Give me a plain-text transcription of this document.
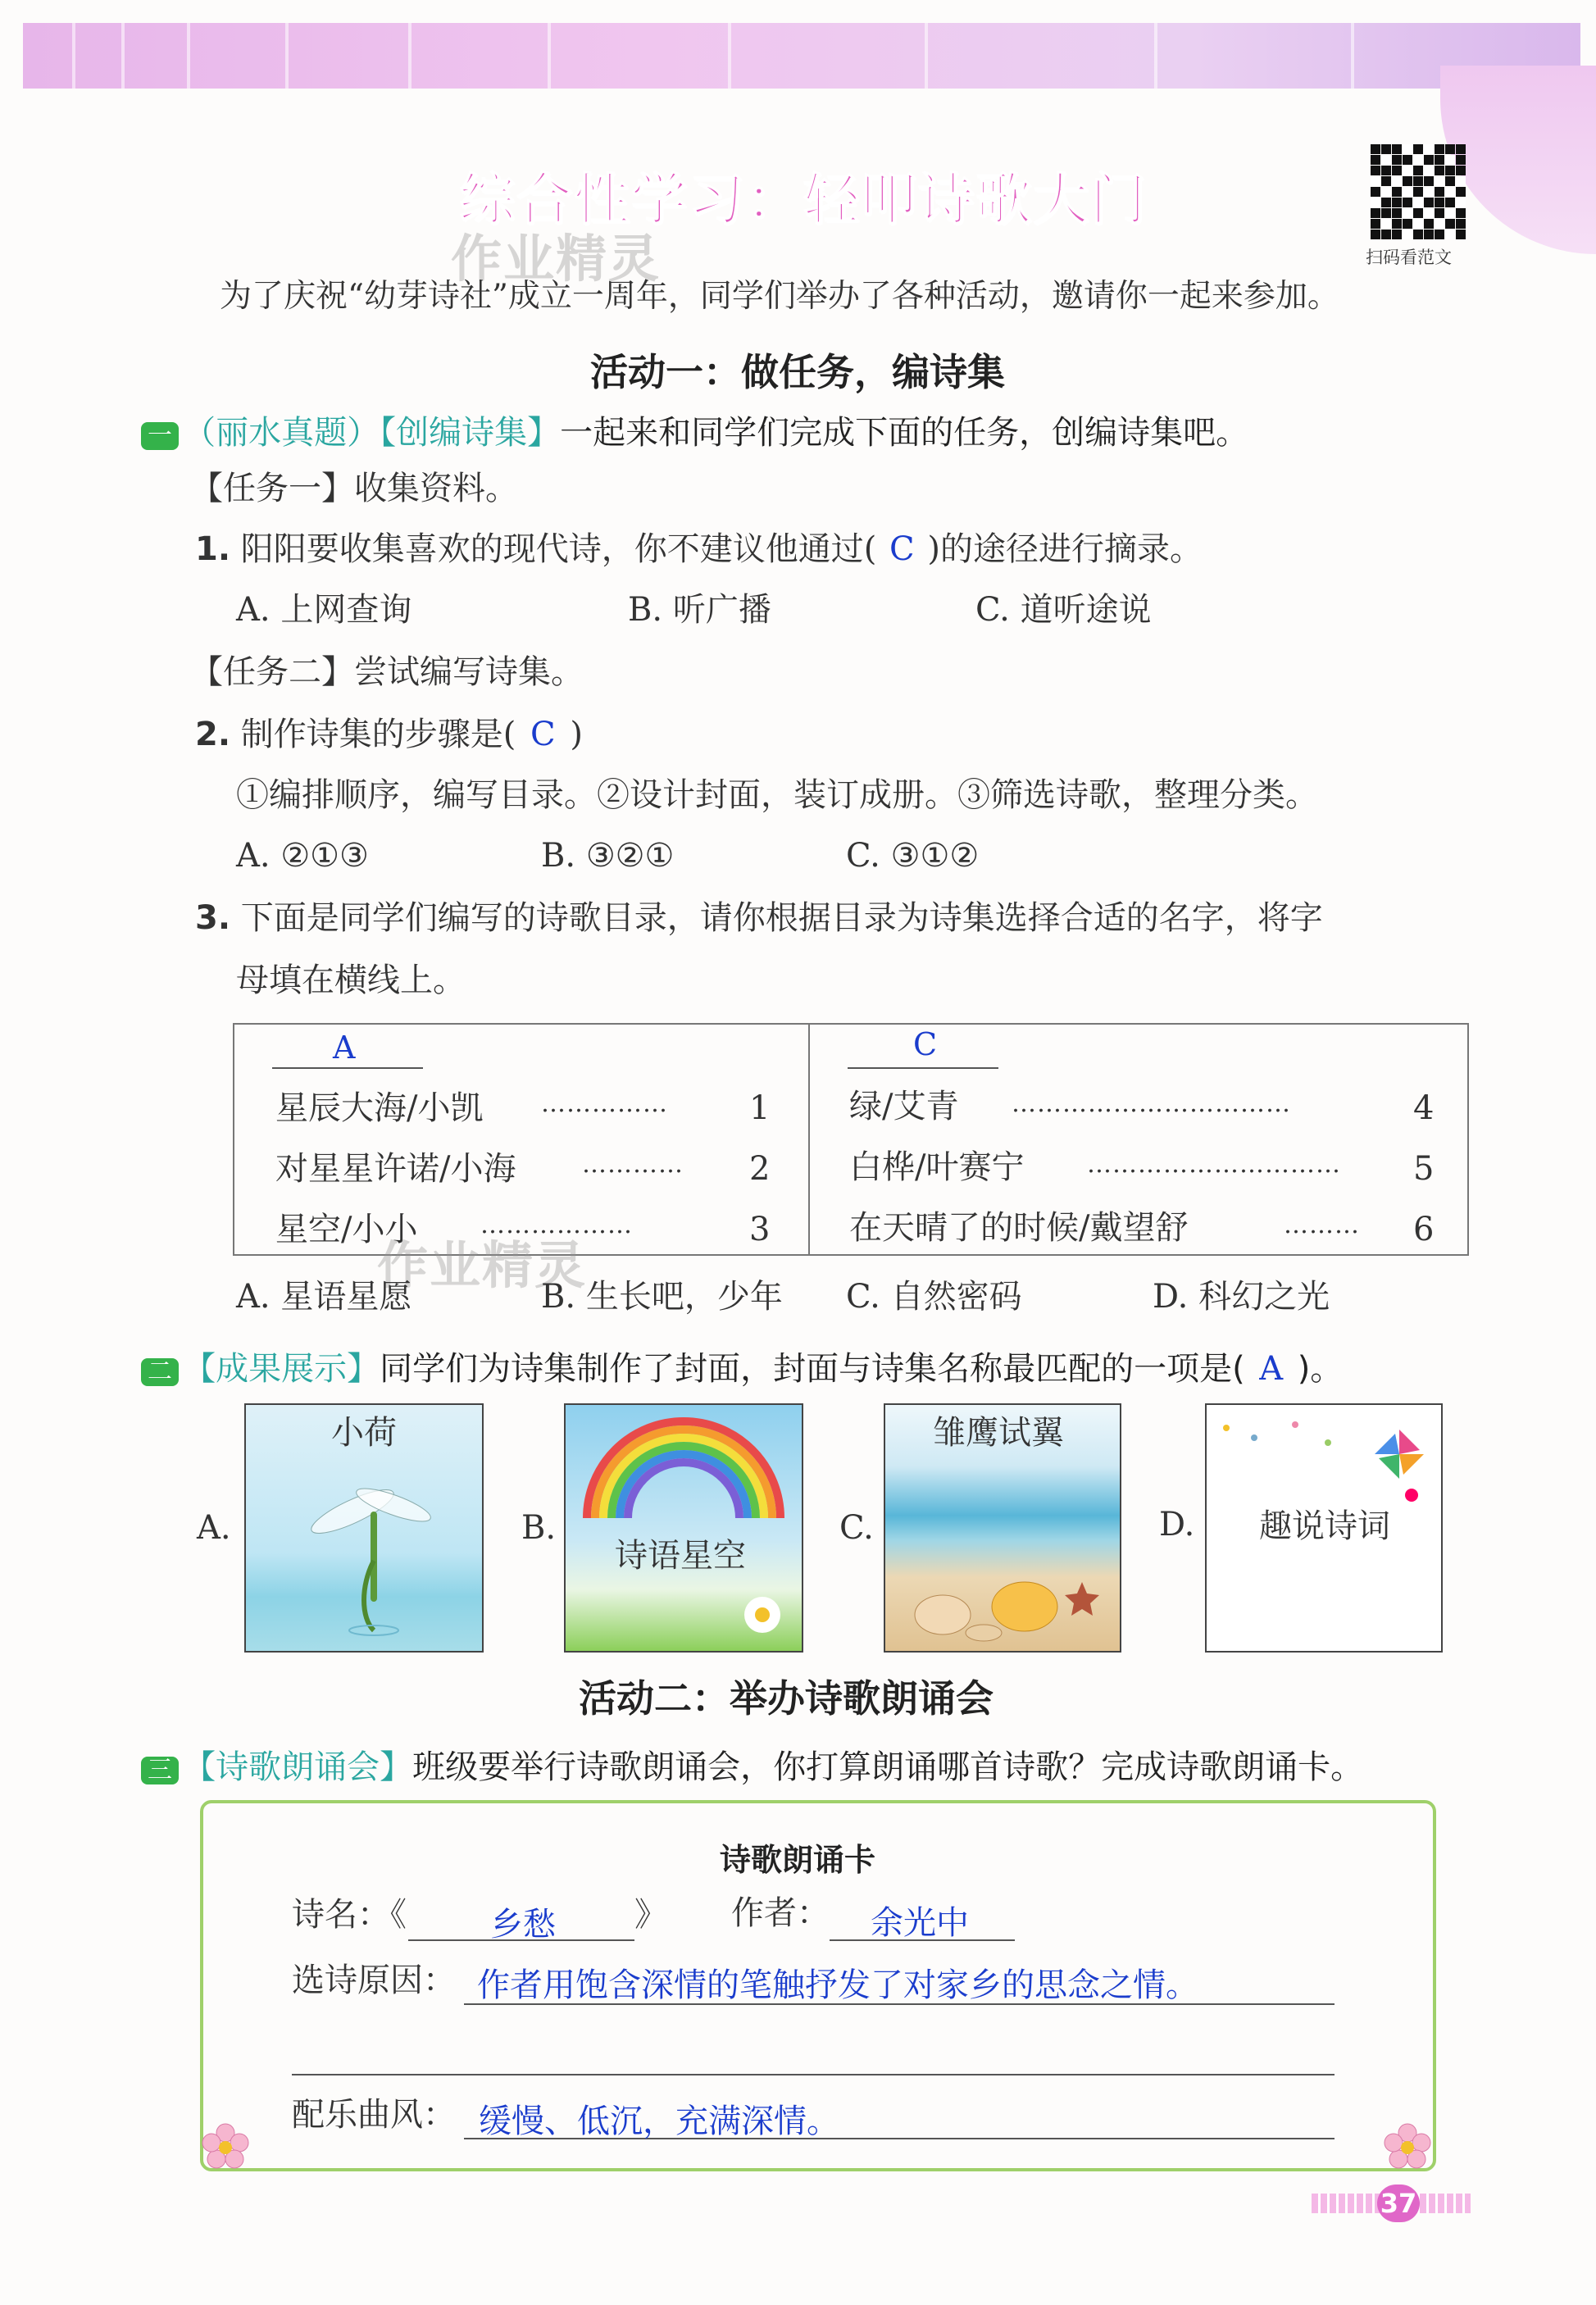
综合性学习：轻叩诗歌大门
作业精灵	扫码看范文
为了庆祝“幼芽诗社”成立一周年，同学们举办了各种活动，邀请你一起来参加。
活动一：做任务，编诗集
一 （丽水真题）【创编诗集】一起来和同学们完成下面的任务，创编诗集吧。
【任务一】收集资料。
1. 阳阳要收集喜欢的现代诗，你不建议他通过( C )的途径进行摘录。
A. 上网查询	B. 听广播	C. 道听途说
【任务二】尝试编写诗集。
2. 制作诗集的步骤是( C )
①编排顺序，编写目录。②设计封面，装订成册。③筛选诗歌，整理分类。
A. ②①③	B. ③②①	C. ③①②
3. 下面是同学们编写的诗歌目录，请你根据目录为诗集选择合适的名字，将字
母填在横线上。
A
星辰大海/小凯 …………… 1
对星星许诺/小海	………… 2
星空/小小	………………	3
C
绿/艾青 ……………………………	4
白桦/叶赛宁	………………………… 5
在天晴了的时候/戴望舒	……… 6
作业精灵
A. 星语星愿	B. 生长吧，少年 C. 自然密码	D. 科幻之光
二 【成果展示】同学们为诗集制作了封面，封面与诗集名称最匹配的一项是( A )。
A.
小荷
B.
诗语星空
C.
雏鹰试翼
D. 趣说诗词
活动二：举办诗歌朗诵会
三 【诗歌朗诵会】班级要举行诗歌朗诵会，你打算朗诵哪首诗歌？完成诗歌朗诵卡。
诗歌朗诵卡
诗名：《	乡愁 》 作者： 余光中
选诗原因： 作者用饱含深情的笔触抒发了对家乡的思念之情。
配乐曲风： 缓慢、低沉，充满深情。
37
